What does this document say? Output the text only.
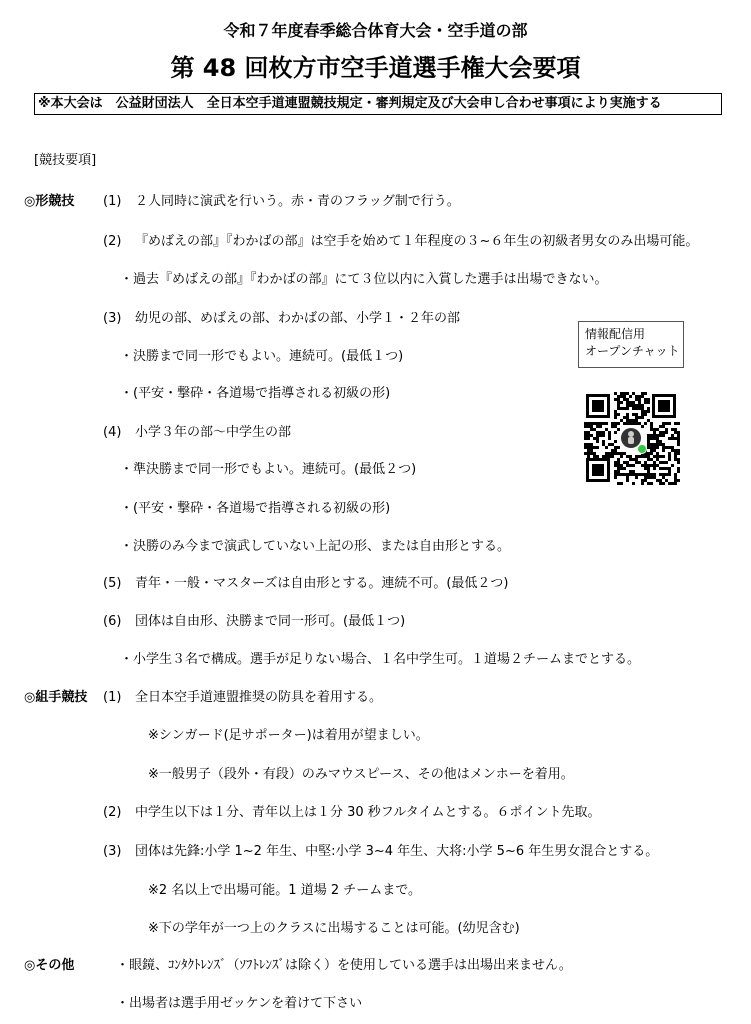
令和７年度春季総合体育大会・空手道の部
第 48 回枚方市空手道選手権大会要項
※本大会は　公益財団法人　全日本空手道連盟競技規定・審判規定及び大会申し合わせ事項により実施する
[競技要項]
◎形競技 (1) ２人同時に演武を行いう。赤・青のフラッグ制で行う。
(2) 『めばえの部』『わかばの部』は空手を始めて１年程度の３~６年生の初級者男女のみ出場可能。
・過去『めばえの部』『わかばの部』にて３位以内に入賞した選手は出場できない。
(3) 幼児の部、めばえの部、わかばの部、小学１・２年の部
・決勝まで同一形でもよい。連続可。(最低１つ)
・(平安・撃砕・各道場で指導される初級の形)
(4) 小学３年の部～中学生の部
・準決勝まで同一形でもよい。連続可。(最低２つ)
・(平安・撃砕・各道場で指導される初級の形)
・決勝のみ今まで演武していない上記の形、または自由形とする。
(5) 青年・一般・マスターズは自由形とする。連続不可。(最低２つ)
(6) 団体は自由形、決勝まで同一形可。(最低１つ)
・小学生３名で構成。選手が足りない場合、１名中学生可。１道場２チームまでとする。
◎組手競技 (1) 全日本空手道連盟推奨の防具を着用する。
※シンガード(足サポーター)は着用が望ましい。
※一般男子（段外・有段）のみマウスピース、その他はメンホーを着用。
(2) 中学生以下は１分、青年以上は１分 30 秒フルタイムとする。６ポイント先取。
(3) 団体は先鋒:小学 1~2 年生、中堅:小学 3~4 年生、大将:小学 5~6 年生男女混合とする。
※2 名以上で出場可能。1 道場 2 チームまで。
※下の学年が一つ上のクラスに出場することは可能。(幼児含む)
◎その他	・眼鏡、ｺﾝﾀｸﾄﾚﾝｽﾞ（ｿﾌﾄﾚﾝｽﾞは除く）を使用している選手は出場出来ません。
・出場者は選手用ゼッケンを着けて下さい
情報配信用
オープンチャット
